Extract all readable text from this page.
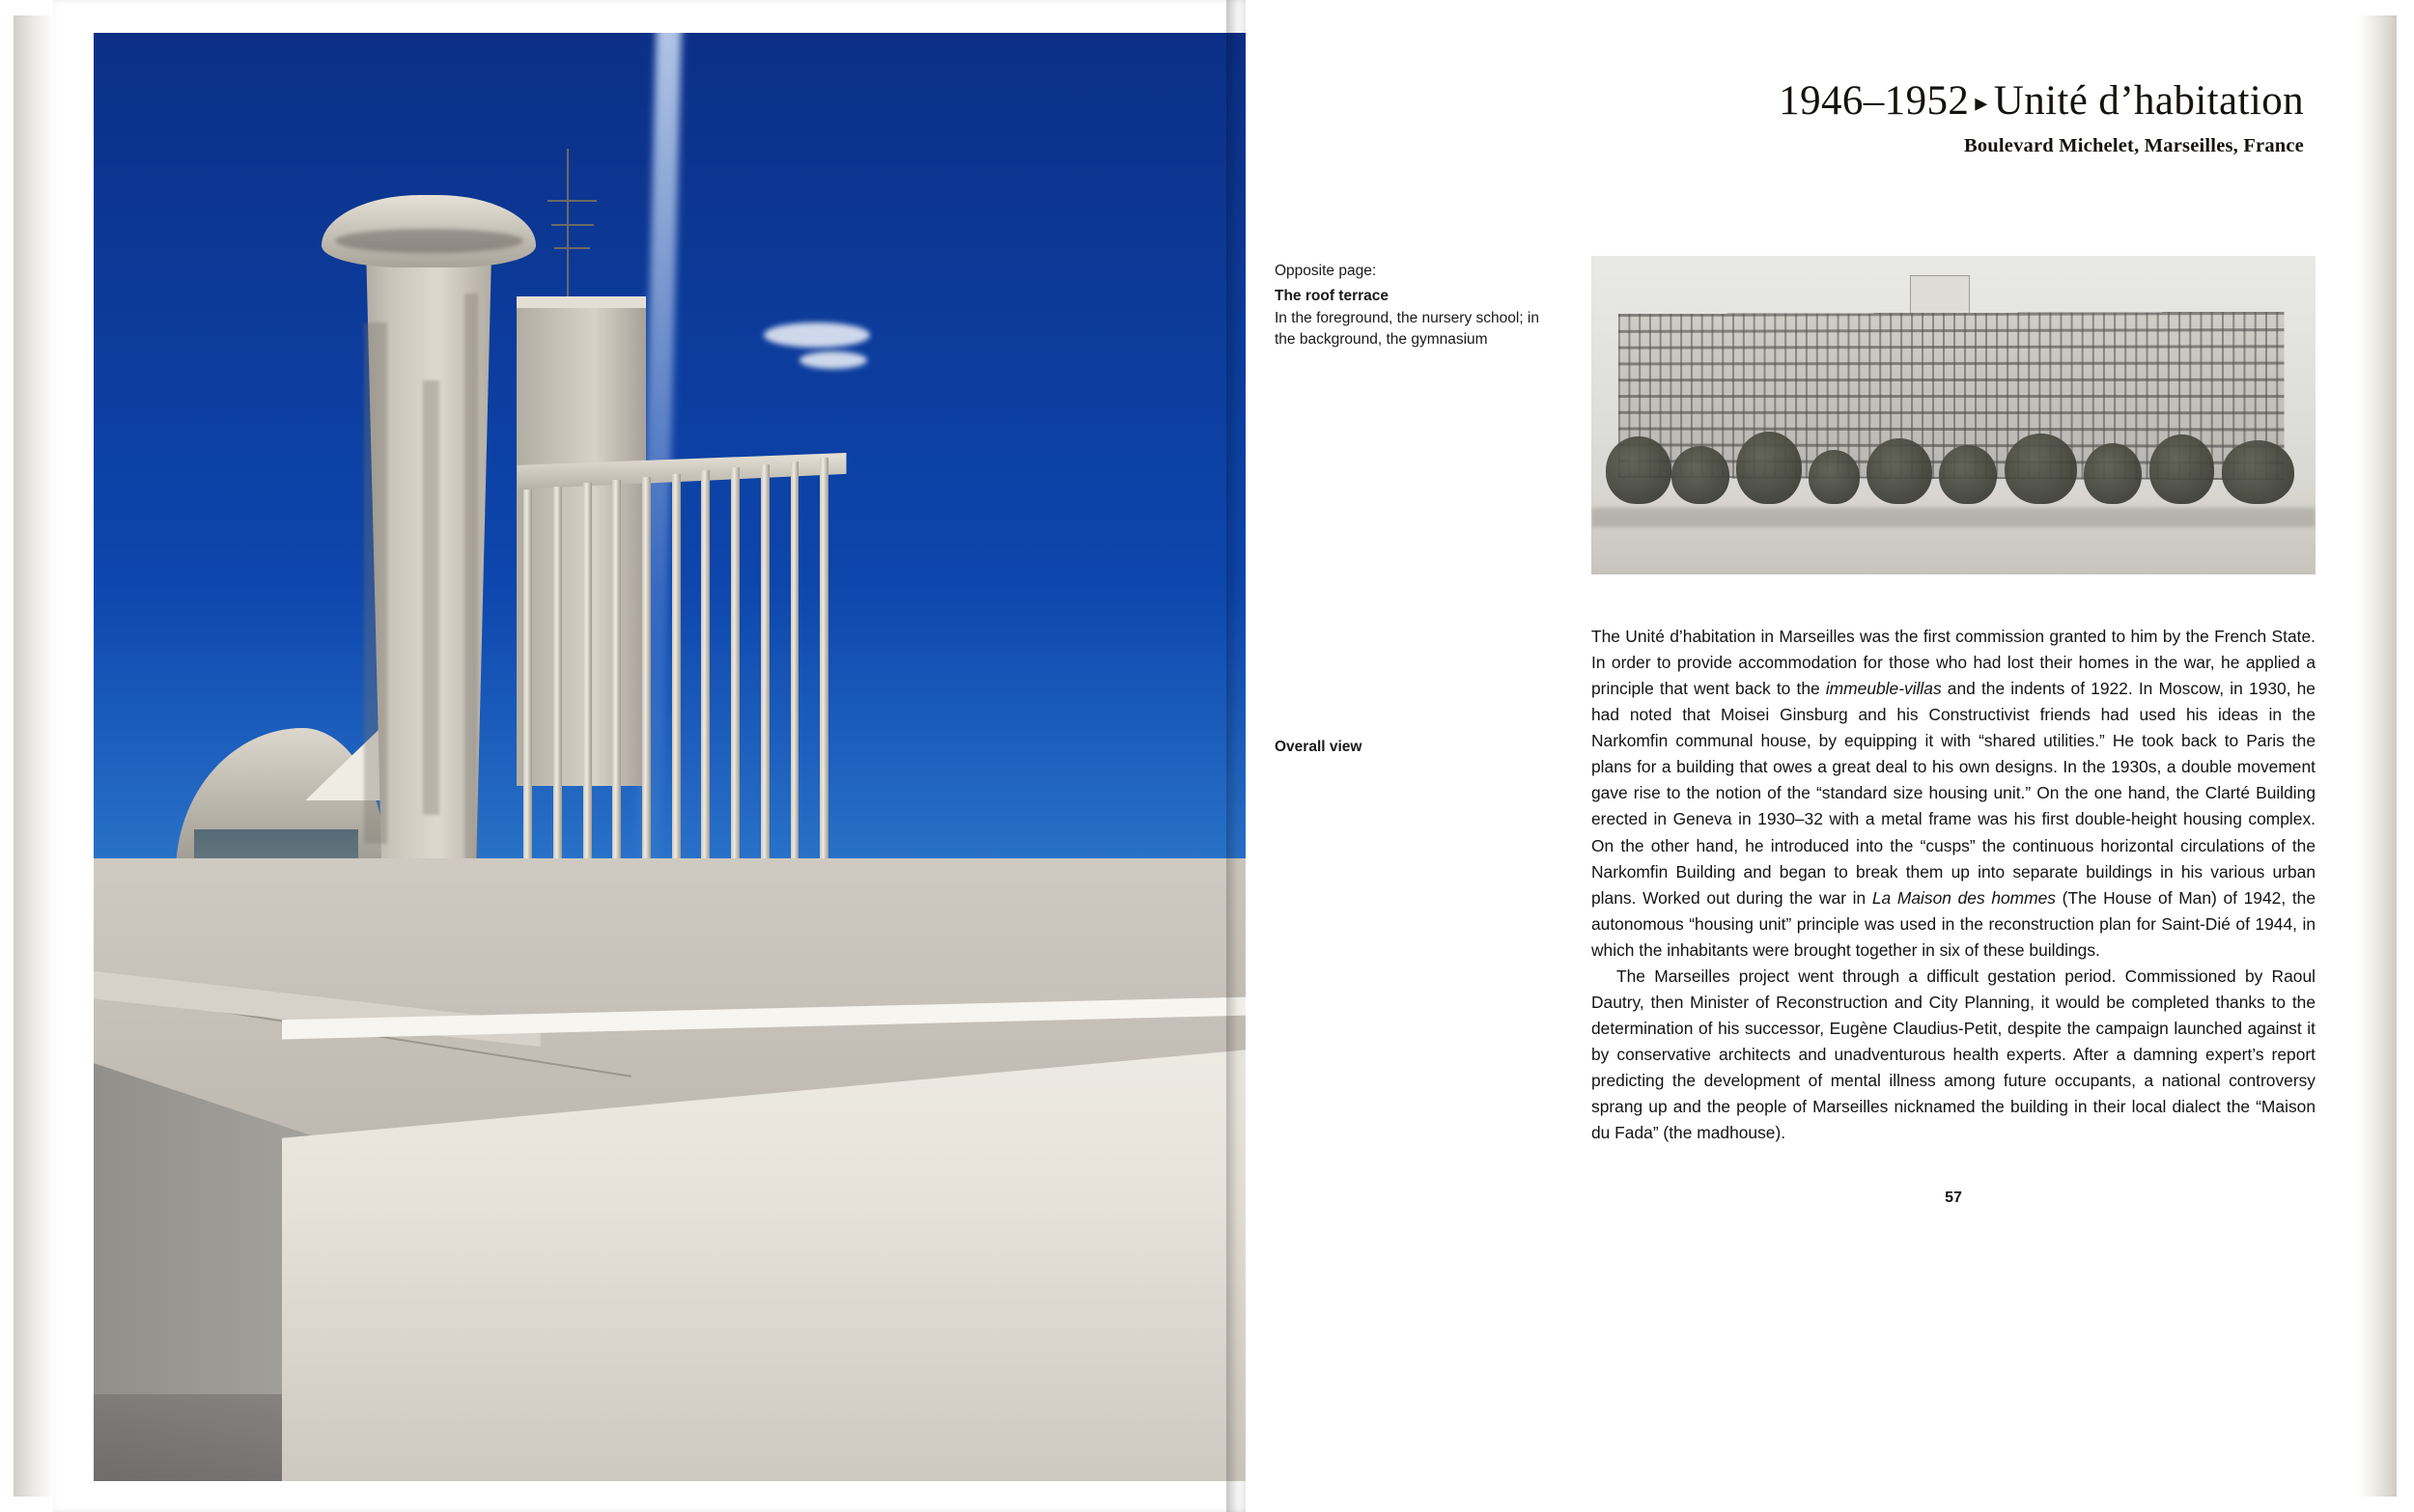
1946–1952 ▸ Unité d’habitation
Boulevard Michelet, Marseilles, France

Opposite page:

The roof terrace

In the foreground, the nursery school; in the background, the gymnasium

Overall view

The Unité d’habitation in Marseilles was the first commission granted to him by the French State. In order to provide accommodation for those who had lost their homes in the war, he applied a principle that went back to the immeuble-villas and the indents of 1922. In Moscow, in 1930, he had noted that Moisei Ginsburg and his Constructivist friends had used his ideas in the Narkomfin communal house, by equipping it with “shared utilities.” He took back to Paris the plans for a building that owes a great deal to his own designs. In the 1930s, a double movement gave rise to the notion of the “standard size housing unit.” On the one hand, the Clarté Building erected in Geneva in 1930–32 with a metal frame was his first double-height housing complex. On the other hand, he introduced into the “cusps” the continuous horizontal circulations of the Narkomfin Building and began to break them up into separate buildings in his various urban plans. Worked out during the war in La Maison des hommes (The House of Man) of 1942, the autonomous “housing unit” principle was used in the reconstruction plan for Saint-Dié of 1944, in which the inhabitants were brought together in six of these buildings.

The Marseilles project went through a difficult gestation period. Commissioned by Raoul Dautry, then Minister of Reconstruction and City Planning, it would be completed thanks to the determination of his successor, Eugène Claudius-Petit, despite the campaign launched against it by conservative architects and unadventurous health experts. After a damning expert’s report predicting the development of mental illness among future occupants, a national controversy sprang up and the people of Marseilles nicknamed the building in their local dialect the “Maison du Fada” (the madhouse).

57
